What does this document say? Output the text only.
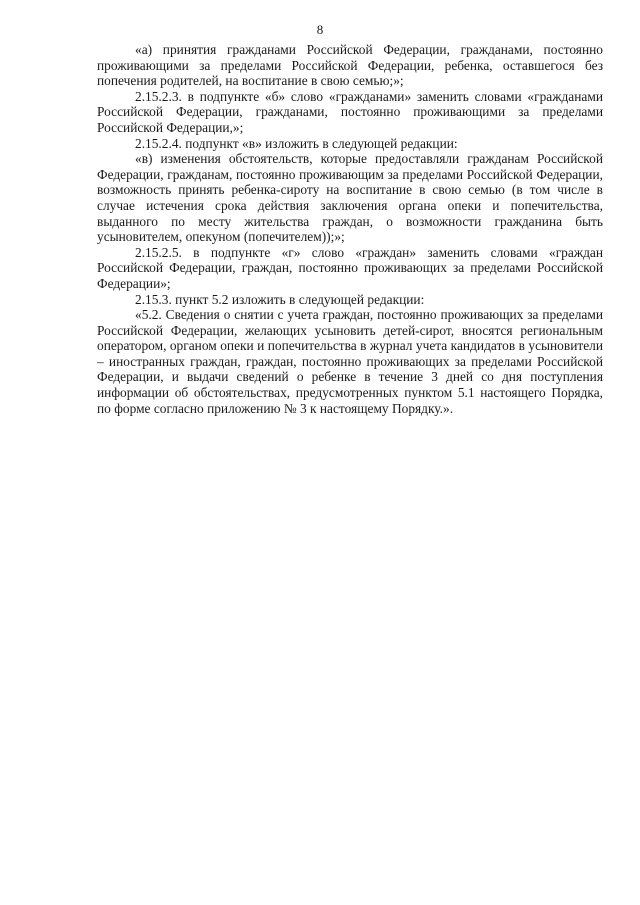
8

«а) принятия гражданами Российской Федерации, гражданами, постоянно проживающими за пределами Российской Федерации, ребенка, оставшегося без попечения родителей, на воспитание в свою семью;»;

2.15.2.3. в подпункте «б» слово «гражданами» заменить словами «гражданами Российской Федерации, гражданами, постоянно проживающими за пределами Российской Федерации,»;

2.15.2.4. подпункт «в» изложить в следующей редакции:

«в) изменения обстоятельств, которые предоставляли гражданам Российской Федерации, гражданам, постоянно проживающим за пределами Российской Федерации, возможность принять ребенка-сироту на воспитание в свою семью (в том числе в случае истечения срока действия заключения органа опеки и попечительства, выданного по месту жительства граждан, о возможности гражданина быть усыновителем, опекуном (попечителем));»;

2.15.2.5. в подпункте «г» слово «граждан» заменить словами «граждан Российской Федерации, граждан, постоянно проживающих за пределами Российской Федерации»;

2.15.3. пункт 5.2 изложить в следующей редакции:

«5.2. Сведения о снятии с учета граждан, постоянно проживающих за пределами Российской Федерации, желающих усыновить детей-сирот, вносятся региональным оператором, органом опеки и попечительства в журнал учета кандидатов в усыновители – иностранных граждан, граждан, постоянно проживающих за пределами Российской Федерации, и выдачи сведений о ребенке в течение 3 дней со дня поступления информации об обстоятельствах, предусмотренных пунктом 5.1 настоящего Порядка, по форме согласно приложению № 3 к настоящему Порядку.».
